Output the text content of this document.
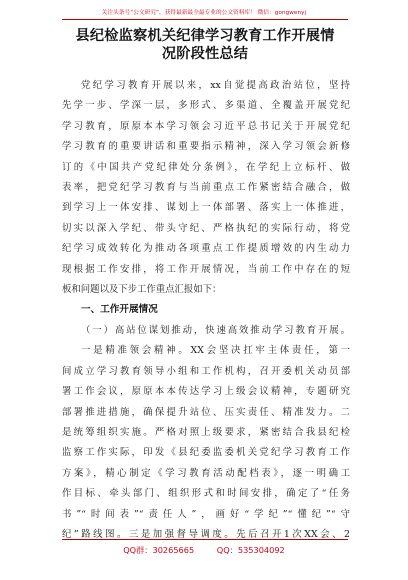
关注头条号“公文研究”，获得最新最全最专业的公文资料库！ 微信：gongwenyj
县纪检监察机关纪律学习教育工作开展情
况阶段性总结
党纪学习教育开展以来，xx自觉提高政治站位，坚持
先学一步、学深一层，多形式、多渠道、全覆盖开展党纪
学习教育，原原本本学习领会习近平总书记关于开展党纪
学习教育的重要讲话和重要指示精神，深入学习领会新修
订的《中国共产党纪律处分条例》，在学纪上立标杆、做
表率，把党纪学习教育与当前重点工作紧密结合融合，做
到学习上一体安排、谋划上一体部署、落实上一体推进，
切实以深入学纪、带头守纪、严格执纪的实际行动，将党
纪学习成效转化为推动各项重点工作提质增效的内生动力
现根据工作安排，将工作开展情况，当前工作中存在的短
板和问题以及下步工作重点汇报如下：
一、工作开展情况
（一）高站位谋划推动，快速高效推动学习教育开展。
一是精准领会精神。XX会坚决扛牢主体责任，第一
间成立学习教育领导小组和工作机构，召开委机关动员部
署工作会议，原原本本传达学习上级会议精神，专题研究
部署推进措施，确保提升站位、压实责任、精准发力。二
是统筹组织实施。严格对照上级要求，紧密结合我县纪检
监察工作实际，印发《县纪委监委机关党纪学习教育工作
方案》，精心制定《学习教育活动配档表》，逐一明确工
作目标、牵头部门、组织形式和时间安排，确定了“任务
书”“时间表”“责任人”，画好“学纪”“懂纪”“守
纪”路线图。三是加强督导调度。先后召开1次XX会、2
QQ群：30265665	QQ：535304092
